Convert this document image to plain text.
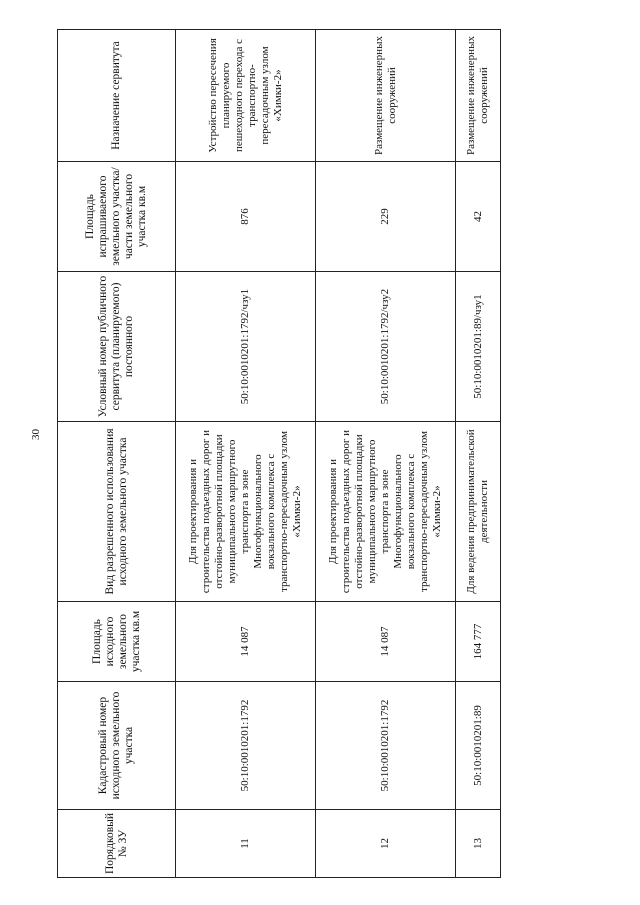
30
Порядковый № ЗУ	Кадастровый номер исходного земельного участка	Площадь исходного земельного участка кв.м	Вид разрешенного использования исходного земельного участка	Условный номер публичного сервитута (планируемого) постоянного	Площадь испрашиваемого земельного участка/части земельного участка кв.м	Назначение сервитута
11	50:10:0010201:1792	14 087	Для проектирования и строительства подъездных дорог и отстойно-разворотной площадки муниципального маршрутного транспорта в зоне Многофункционального вокзального комплекса с транспортно-пересадочным узлом «Химки-2»	50:10:0010201:1792/чзу1	876	Устройство пересечения планируемого пешеходного перехода с транспортно-пересадочным узлом «Химки-2»
12	50:10:0010201:1792	14 087	Для проектирования и строительства подъездных дорог и отстойно-разворотной площадки муниципального маршрутного транспорта в зоне Многофункционального вокзального комплекса с транспортно-пересадочным узлом «Химки-2»	50:10:0010201:1792/чзу2	229	Размещение инженерных сооружений
13	50:10:0010201:89	164 777	Для ведения предпринимательской деятельности	50:10:0010201:89/чзу1	42	Размещение инженерных сооружений
